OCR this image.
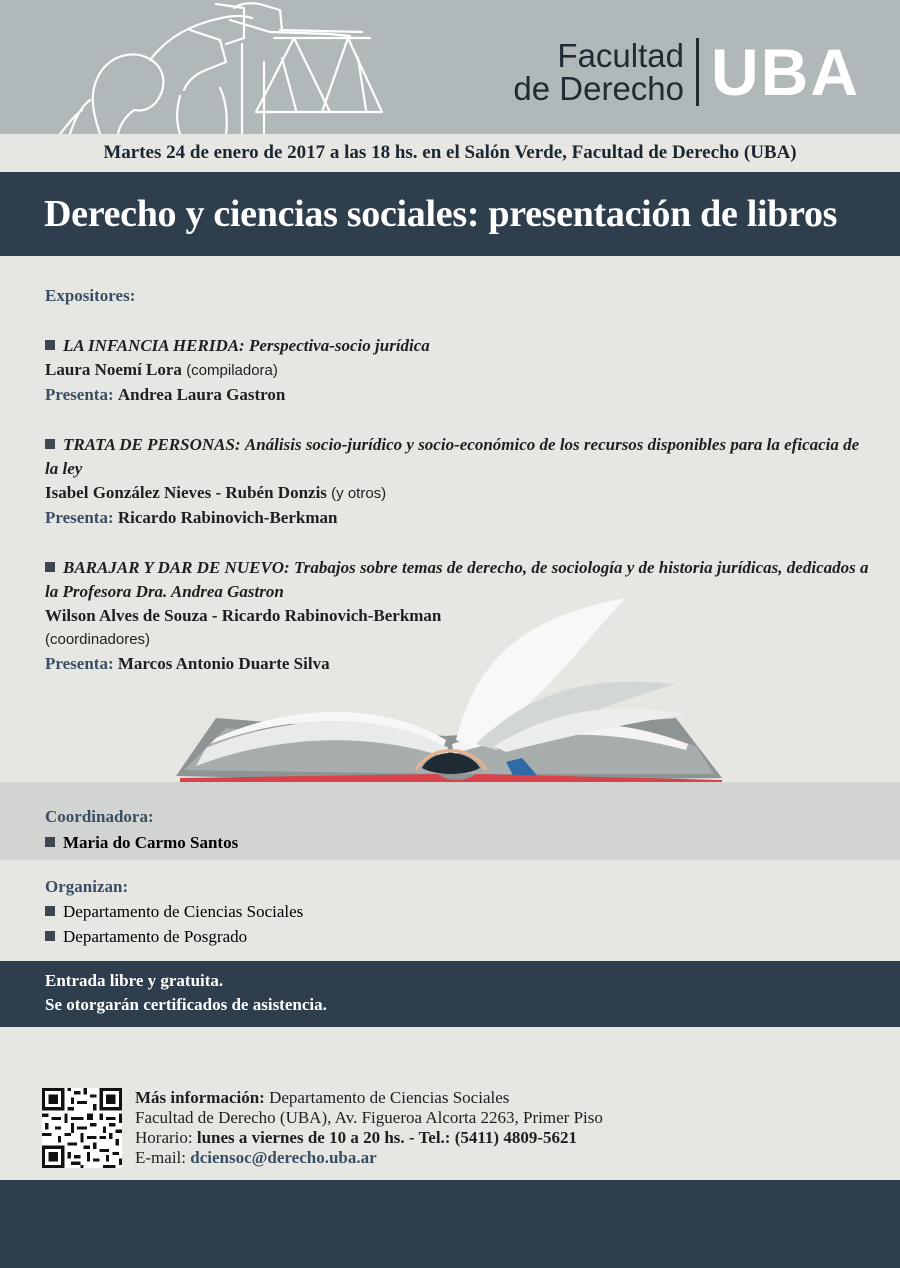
Facultad
de Derecho UBA
Martes 24 de enero de 2017 a las 18 hs. en el Salón Verde, Facultad de Derecho (UBA)
Derecho y ciencias sociales: presentación de libros
Expositores:
LA INFANCIA HERIDA: Perspectiva-socio jurídica
Laura Noemí Lora (compiladora)
Presenta: Andrea Laura Gastron
TRATA DE PERSONAS: Análisis socio-jurídico y socio-económico de los recursos disponibles para la eficacia de la ley
Isabel González Nieves - Rubén Donzis (y otros)
Presenta: Ricardo Rabinovich-Berkman
BARAJAR Y DAR DE NUEVO: Trabajos sobre temas de derecho, de sociología y de historia jurídicas, dedicados a la Profesora Dra. Andrea Gastron
Wilson Alves de Souza - Ricardo Rabinovich-Berkman
(coordinadores)
Presenta: Marcos Antonio Duarte Silva
Coordinadora:
Maria do Carmo Santos
Organizan:
Departamento de Ciencias Sociales
Departamento de Posgrado
Entrada libre y gratuita.
Se otorgarán certificados de asistencia.
Más información: Departamento de Ciencias Sociales
Facultad de Derecho (UBA), Av. Figueroa Alcorta 2263, Primer Piso
Horario: lunes a viernes de 10 a 20 hs. - Tel.: (5411) 4809-5621
E-mail: dciensoc@derecho.uba.ar
